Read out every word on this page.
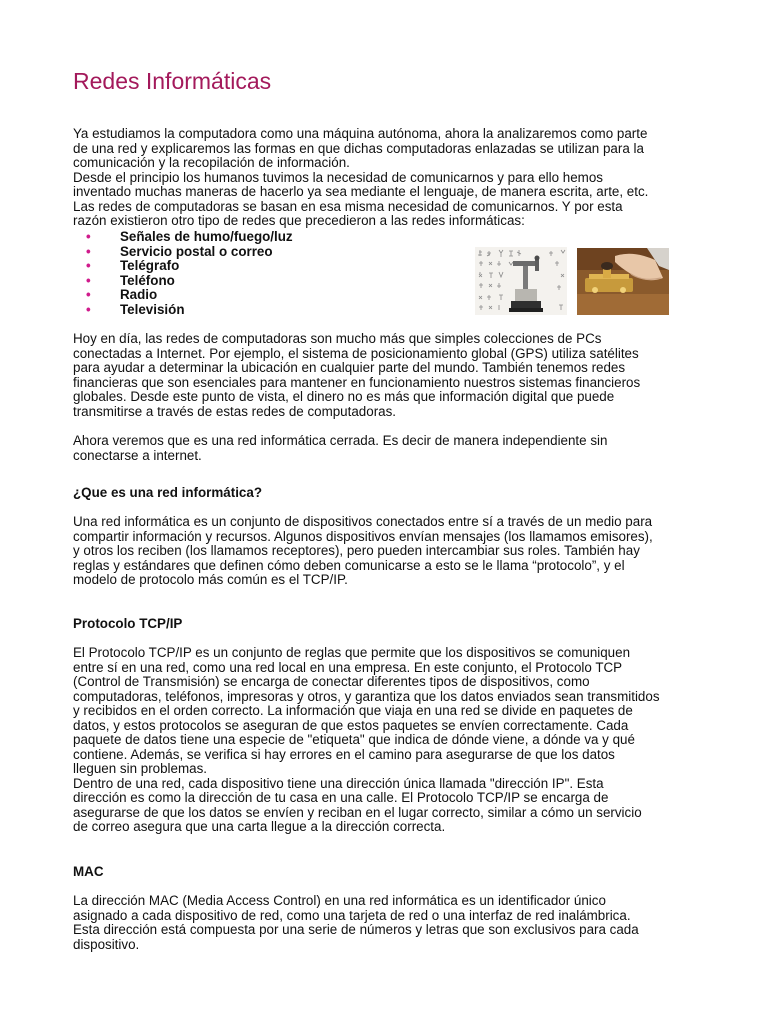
Redes Informáticas

Ya estudiamos la computadora como una máquina autónoma, ahora la analizaremos como parte
de una red y explicaremos las formas en que dichas computadoras enlazadas se utilizan para la
comunicación y la recopilación de información.
Desde el principio los humanos tuvimos la necesidad de comunicarnos y para ello hemos
inventado muchas maneras de hacerlo ya sea mediante el lenguaje, de manera escrita, arte, etc.
Las redes de computadoras se basan en esa misma necesidad de comunicarnos. Y por esta
razón existieron otro tipo de redes que precedieron a las redes informáticas:

• Señales de humo/fuego/luz
• Servicio postal o correo
• Telégrafo
• Teléfono
• Radio
• Televisión

Hoy en día, las redes de computadoras son mucho más que simples colecciones de PCs
conectadas a Internet. Por ejemplo, el sistema de posicionamiento global (GPS) utiliza satélites
para ayudar a determinar la ubicación en cualquier parte del mundo. También tenemos redes
financieras que son esenciales para mantener en funcionamiento nuestros sistemas financieros
globales. Desde este punto de vista, el dinero no es más que información digital que puede
transmitirse a través de estas redes de computadoras.

Ahora veremos que es una red informática cerrada. Es decir de manera independiente sin
conectarse a internet.

¿Que es una red informática?

Una red informática es un conjunto de dispositivos conectados entre sí a través de un medio para
compartir información y recursos. Algunos dispositivos envían mensajes (los llamamos emisores),
y otros los reciben (los llamamos receptores), pero pueden intercambiar sus roles. También hay
reglas y estándares que definen cómo deben comunicarse a esto se le llama “protocolo”, y el
modelo de protocolo más común es el TCP/IP.

Protocolo TCP/IP

El Protocolo TCP/IP es un conjunto de reglas que permite que los dispositivos se comuniquen
entre sí en una red, como una red local en una empresa. En este conjunto, el Protocolo TCP
(Control de Transmisión) se encarga de conectar diferentes tipos de dispositivos, como
computadoras, teléfonos, impresoras y otros, y garantiza que los datos enviados sean transmitidos
y recibidos en el orden correcto. La información que viaja en una red se divide en paquetes de
datos, y estos protocolos se aseguran de que estos paquetes se envíen correctamente. Cada
paquete de datos tiene una especie de "etiqueta" que indica de dónde viene, a dónde va y qué
contiene. Además, se verifica si hay errores en el camino para asegurarse de que los datos
lleguen sin problemas.
Dentro de una red, cada dispositivo tiene una dirección única llamada "dirección IP". Esta
dirección es como la dirección de tu casa en una calle. El Protocolo TCP/IP se encarga de
asegurarse de que los datos se envíen y reciban en el lugar correcto, similar a cómo un servicio
de correo asegura que una carta llegue a la dirección correcta.

MAC

La dirección MAC (Media Access Control) en una red informática es un identificador único
asignado a cada dispositivo de red, como una tarjeta de red o una interfaz de red inalámbrica.
Esta dirección está compuesta por una serie de números y letras que son exclusivos para cada
dispositivo.
